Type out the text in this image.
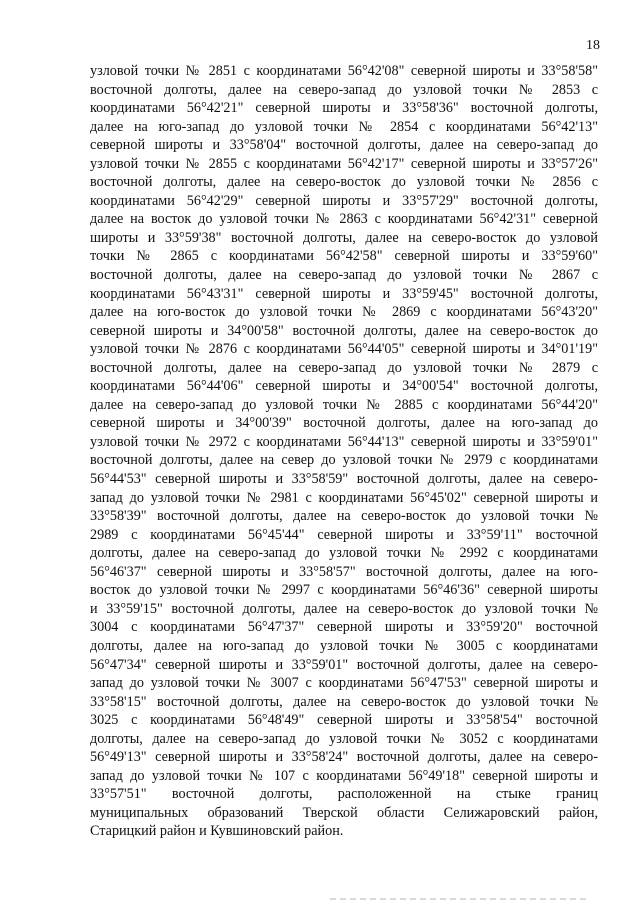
18
узловой точки № 2851 с координатами 56°42'08" северной широты и 33°58'58"
восточной долготы, далее на северо-запад до узловой точки № 2853 с
координатами 56°42'21" северной широты и 33°58'36" восточной долготы,
далее на юго-запад до узловой точки № 2854 с координатами 56°42'13"
северной широты и 33°58'04" восточной долготы, далее на северо-запад до
узловой точки № 2855 с координатами 56°42'17" северной широты и 33°57'26"
восточной долготы, далее на северо-восток до узловой точки № 2856 с
координатами 56°42'29" северной широты и 33°57'29" восточной долготы,
далее на восток до узловой точки № 2863 с координатами 56°42'31" северной
широты и 33°59'38" восточной долготы, далее на северо-восток до узловой
точки № 2865 с координатами 56°42'58" северной широты и 33°59'60"
восточной долготы, далее на северо-запад до узловой точки № 2867 с
координатами 56°43'31" северной широты и 33°59'45" восточной долготы,
далее на юго-восток до узловой точки № 2869 с координатами 56°43'20"
северной широты и 34°00'58" восточной долготы, далее на северо-восток до
узловой точки № 2876 с координатами 56°44'05" северной широты и 34°01'19"
восточной долготы, далее на северо-запад до узловой точки № 2879 с
координатами 56°44'06" северной широты и 34°00'54" восточной долготы,
далее на северо-запад до узловой точки № 2885 с координатами 56°44'20"
северной широты и 34°00'39" восточной долготы, далее на юго-запад до
узловой точки № 2972 с координатами 56°44'13" северной широты и 33°59'01"
восточной долготы, далее на север до узловой точки № 2979 с координатами
56°44'53" северной широты и 33°58'59" восточной долготы, далее на северо-
запад до узловой точки № 2981 с координатами 56°45'02" северной широты и
33°58'39" восточной долготы, далее на северо-восток до узловой точки №
2989 с координатами 56°45'44" северной широты и 33°59'11" восточной
долготы, далее на северо-запад до узловой точки № 2992 с координатами
56°46'37" северной широты и 33°58'57" восточной долготы, далее на юго-
восток до узловой точки № 2997 с координатами 56°46'36" северной широты
и 33°59'15" восточной долготы, далее на северо-восток до узловой точки №
3004 с координатами 56°47'37" северной широты и 33°59'20" восточной
долготы, далее на юго-запад до узловой точки № 3005 с координатами
56°47'34" северной широты и 33°59'01" восточной долготы, далее на северо-
запад до узловой точки № 3007 с координатами 56°47'53" северной широты и
33°58'15" восточной долготы, далее на северо-восток до узловой точки №
3025 с координатами 56°48'49" северной широты и 33°58'54" восточной
долготы, далее на северо-запад до узловой точки № 3052 с координатами
56°49'13" северной широты и 33°58'24" восточной долготы, далее на северо-
запад до узловой точки № 107 с координатами 56°49'18" северной широты и
33°57'51" восточной долготы, расположенной на стыке границ
муниципальных образований Тверской области Селижаровский район,
Старицкий район и Кувшиновский район.
